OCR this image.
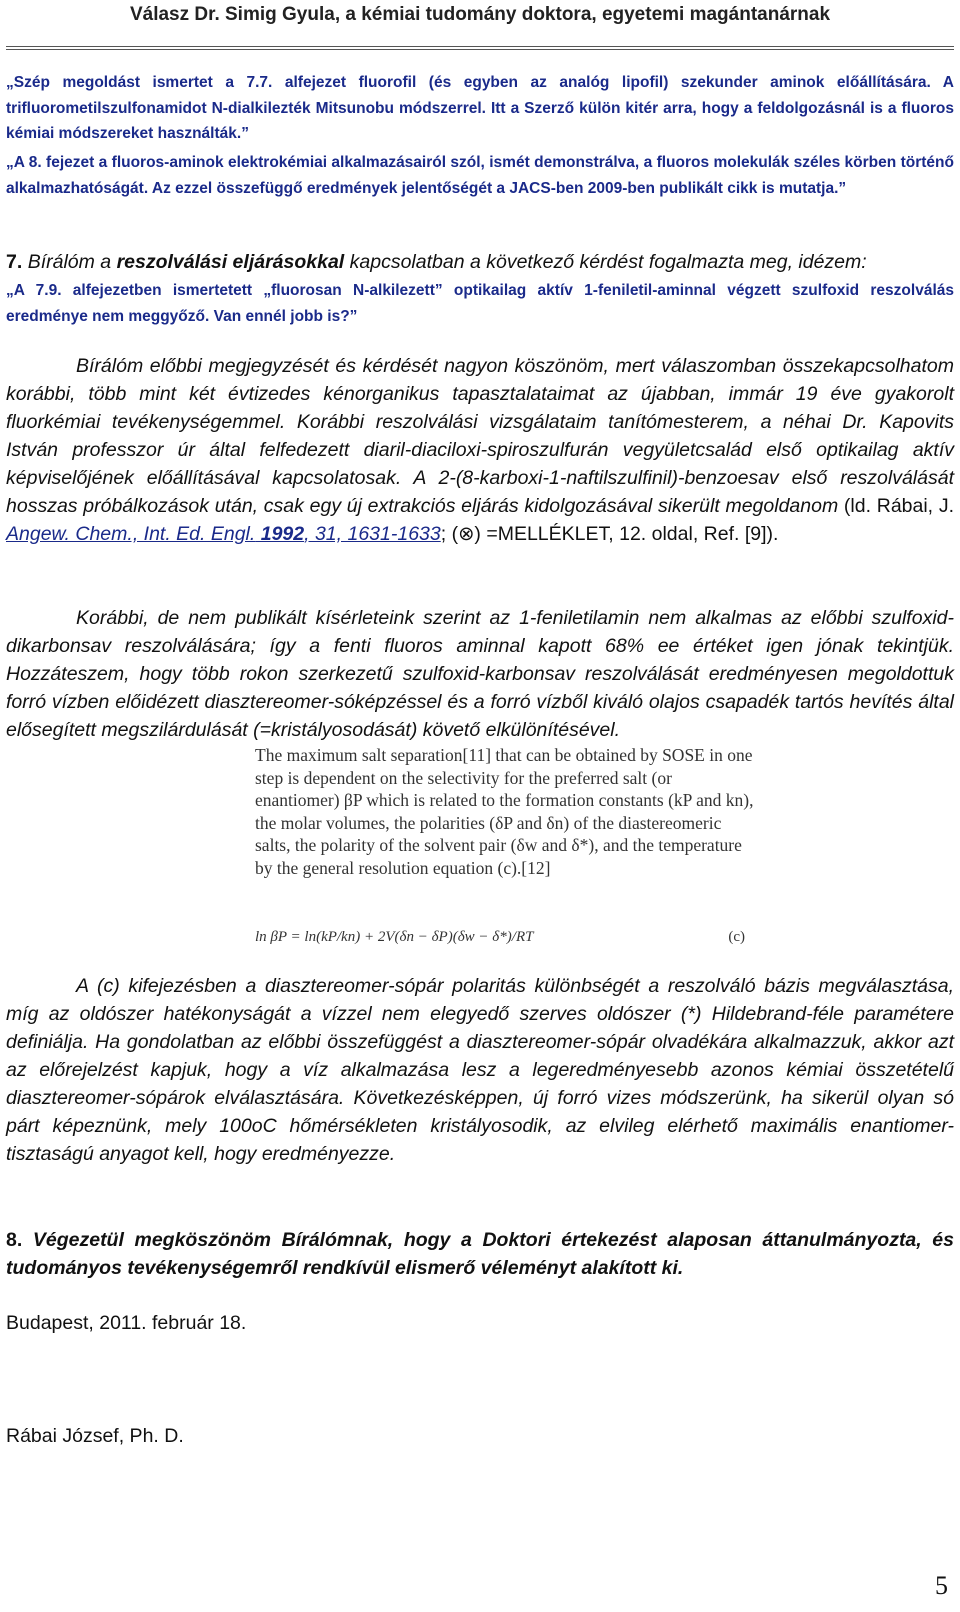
Válasz Dr. Simig Gyula, a kémiai tudomány doktora, egyetemi magántanárnak
„Szép megoldást ismertet a 7.7. alfejezet fluorofil (és egyben az analóg lipofil) szekunder aminok előállítására. A trifluorometilszulfonamidot N-dialkilezték Mitsunobu módszerrel. Itt a Szerző külön kitér arra, hogy a feldolgozásnál is a fluoros kémiai módszereket használták.”
„A 8. fejezet a fluoros-aminok elektrokémiai alkalmazásairól szól, ismét demonstrálva, a fluoros molekulák széles körben történő alkalmazhatóságát. Az ezzel összefüggő eredmények jelentőségét a JACS-ben 2009-ben publikált cikk is mutatja.”
7. Bírálóm a reszolválási eljárásokkal kapcsolatban a következő kérdést fogalmazta meg, idézem:
„A 7.9. alfejezetben ismertetett „fluorosan N-alkilezett” optikailag aktív 1-feniletil-aminnal végzett szulfoxid reszolválás eredménye nem meggyőző. Van ennél jobb is?”
Bírálóm előbbi megjegyzését és kérdését nagyon köszönöm, mert válaszomban összekapcsolhatom korábbi, több mint két évtizedes kénorganikus tapasztalataimat az újabban, immár 19 éve gyakorolt fluorkémiai tevékenységemmel. Korábbi reszolválási vizsgálataim tanítómesterem, a néhai Dr. Kapovits István professzor úr által felfedezett diaril-diaciloxi-spiroszulfurán vegyületcsalád első optikailag aktív képviselőjének előállításával kapcsolatosak. A 2-(8-karboxi-1-naftilszulfinil)-benzoesav első reszolválását hosszas próbálkozások után, csak egy új extrakciós eljárás kidolgozásával sikerült megoldanom (ld. Rábai, J. Angew. Chem., Int. Ed. Engl. 1992, 31, 1631-1633; (⊗) =MELLÉKLET, 12. oldal, Ref. [9]).
Korábbi, de nem publikált kísérleteink szerint az 1-feniletilamin nem alkalmas az előbbi szulfoxid-dikarbonsav reszolválására; így a fenti fluoros aminnal kapott 68% ee értéket igen jónak tekintjük. Hozzáteszem, hogy több rokon szerkezetű szulfoxid-karbonsav reszolválását eredményesen megoldottuk forró vízben előidézett diasztereomer-sóképzéssel és a forró vízből kiváló olajos csapadék tartós hevítés által elősegített megszilárdulását (=kristályosodását) követő elkülönítésével.
The maximum salt separation[11] that can be obtained by SOSE in one step is dependent on the selectivity for the preferred salt (or enantiomer) βP which is related to the formation constants (kP and kn), the molar volumes, the polarities (δP and δn) of the diastereomeric salts, the polarity of the solvent pair (δw and δ*), and the temperature by the general resolution equation (c).[12]
ln βP = ln(kP/kn) + 2V(δn − δP)(δw − δ*)/RT	(c)
A (c) kifejezésben a diasztereomer-sópár polaritás különbségét a reszolváló bázis megválasztása, míg az oldószer hatékonyságát a vízzel nem elegyedő szerves oldószer (*) Hildebrand-féle paramétere definiálja. Ha gondolatban az előbbi összefüggést a diasztereomer-sópár olvadékára alkalmazzuk, akkor azt az előrejelzést kapjuk, hogy a víz alkalmazása lesz a legeredményesebb azonos kémiai összetételű diasztereomer-sópárok elválasztására. Következésképpen, új forró vizes módszerünk, ha sikerül olyan só párt képeznünk, mely 100oC hőmérsékleten kristályosodik, az elvileg elérhető maximális enantiomer-tisztaságú anyagot kell, hogy eredményezze.
8. Végezetül megköszönöm Bírálómnak, hogy a Doktori értekezést alaposan áttanulmányozta, és tudományos tevékenységemről rendkívül elismerő véleményt alakított ki.
Budapest, 2011. február 18.
Rábai József, Ph. D.
5
